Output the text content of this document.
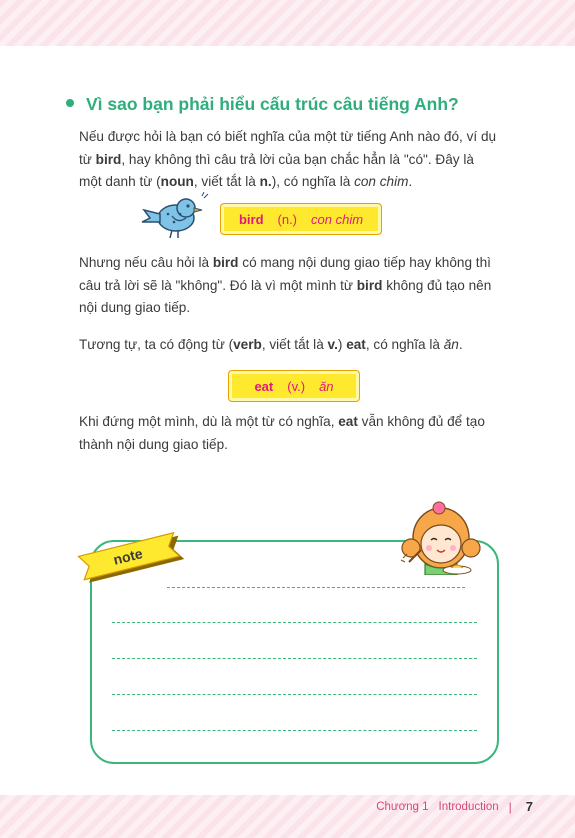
Vì sao bạn phải hiểu cấu trúc câu tiếng Anh?
Nếu được hỏi là bạn có biết nghĩa của một từ tiếng Anh nào đó, ví dụ từ bird, hay không thì câu trả lời của bạn chắc hẳn là "có". Đây là một danh từ (noun, viết tắt là n.), có nghĩa là con chim.
bird (n.) con chim
Nhưng nếu câu hỏi là bird có mang nội dung giao tiếp hay không thì câu trả lời sẽ là "không". Đó là vì một mình từ bird không đủ tạo nên nội dung giao tiếp.
Tương tự, ta có động từ (verb, viết tắt là v.) eat, có nghĩa là ăn.
eat (v.) ăn
Khi đứng một mình, dù là một từ có nghĩa, eat vẫn không đủ để tạo thành nội dung giao tiếp.
note
Chương 1 Introduction | 7
